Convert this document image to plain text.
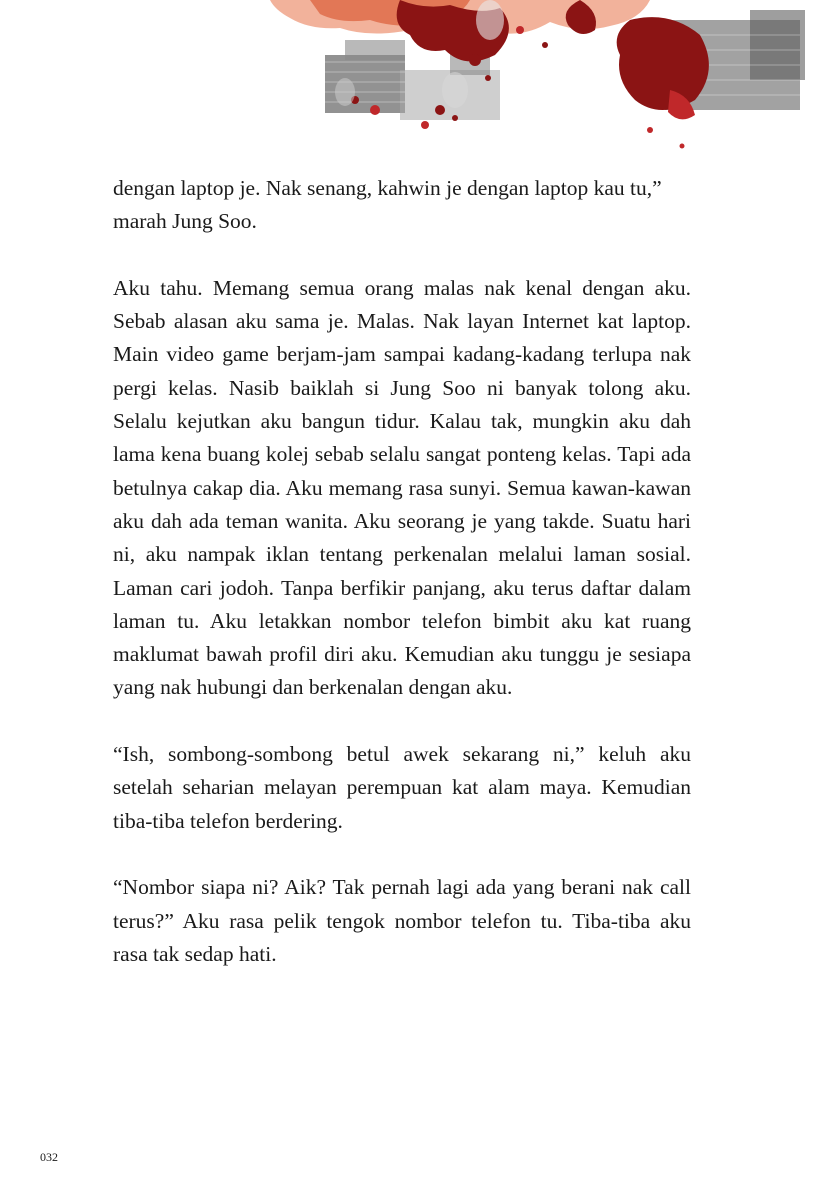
dengan laptop je. Nak senang, kahwin je dengan laptop kau tu,” marah Jung Soo.

Aku tahu. Memang semua orang malas nak kenal dengan aku. Sebab alasan aku sama je. Malas. Nak layan Internet kat laptop. Main video game berjam-jam sampai kadang-kadang terlupa nak pergi kelas. Nasib baiklah si Jung Soo ni banyak tolong aku. Selalu kejutkan aku bangun tidur. Kalau tak, mungkin aku dah lama kena buang kolej sebab selalu sangat ponteng kelas. Tapi ada betulnya cakap dia. Aku memang rasa sunyi. Semua kawan-kawan aku dah ada teman wanita. Aku seorang je yang takde. Suatu hari ni, aku nampak iklan tentang perkenalan melalui laman sosial. Laman cari jodoh. Tanpa berfikir panjang, aku terus daftar dalam laman tu. Aku letakkan nombor telefon bimbit aku kat ruang maklumat bawah profil diri aku. Kemudian aku tunggu je sesiapa yang nak hubungi dan berkenalan dengan aku.

“Ish, sombong-sombong betul awek sekarang ni,” keluh aku setelah seharian melayan perempuan kat alam maya. Kemudian tiba-tiba telefon berdering.

“Nombor siapa ni? Aik? Tak pernah lagi ada yang berani nak call terus?” Aku rasa pelik tengok nombor telefon tu. Tiba-tiba aku rasa tak sedap hati.

032
